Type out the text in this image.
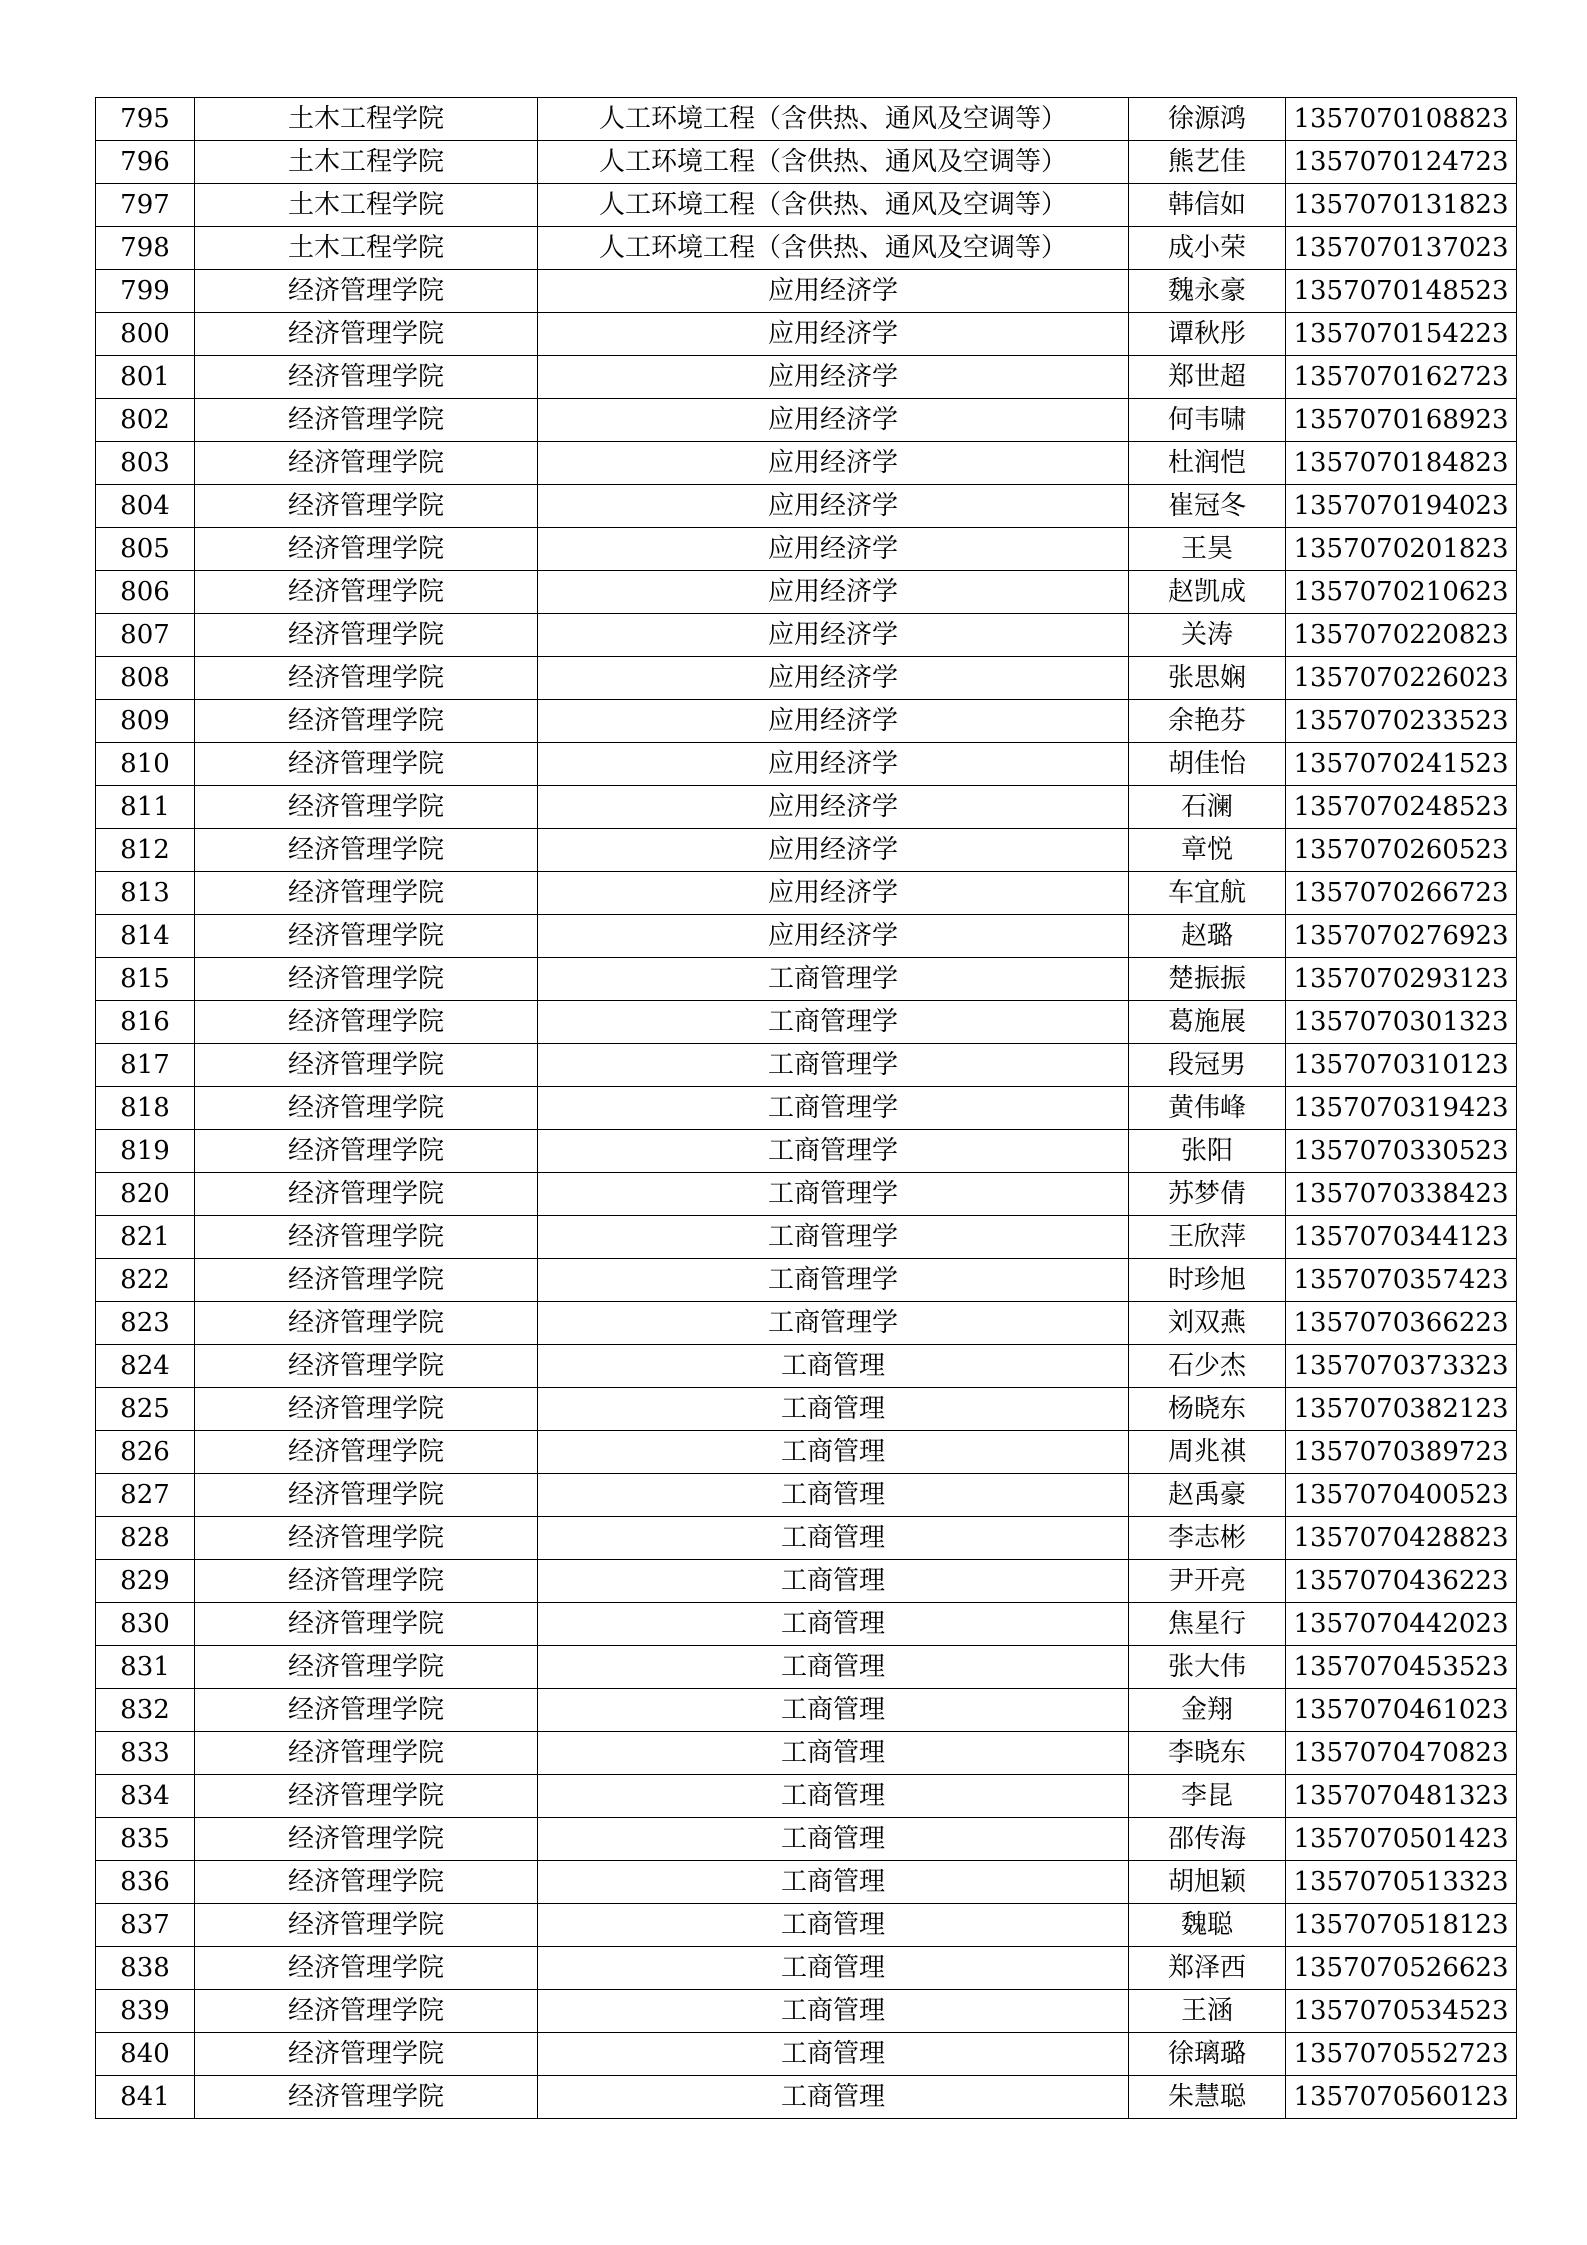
795	土木工程学院	人工环境工程（含供热、通风及空调等）	徐源鸿	1357070108823
796	土木工程学院	人工环境工程（含供热、通风及空调等）	熊艺佳	1357070124723
797	土木工程学院	人工环境工程（含供热、通风及空调等）	韩信如	1357070131823
798	土木工程学院	人工环境工程（含供热、通风及空调等）	成小荣	1357070137023
799	经济管理学院	应用经济学	魏永豪	1357070148523
800	经济管理学院	应用经济学	谭秋彤	1357070154223
801	经济管理学院	应用经济学	郑世超	1357070162723
802	经济管理学院	应用经济学	何韦啸	1357070168923
803	经济管理学院	应用经济学	杜润恺	1357070184823
804	经济管理学院	应用经济学	崔冠冬	1357070194023
805	经济管理学院	应用经济学	王昊	1357070201823
806	经济管理学院	应用经济学	赵凯成	1357070210623
807	经济管理学院	应用经济学	关涛	1357070220823
808	经济管理学院	应用经济学	张思娴	1357070226023
809	经济管理学院	应用经济学	余艳芬	1357070233523
810	经济管理学院	应用经济学	胡佳怡	1357070241523
811	经济管理学院	应用经济学	石澜	1357070248523
812	经济管理学院	应用经济学	章悦	1357070260523
813	经济管理学院	应用经济学	车宜航	1357070266723
814	经济管理学院	应用经济学	赵璐	1357070276923
815	经济管理学院	工商管理学	楚振振	1357070293123
816	经济管理学院	工商管理学	葛施展	1357070301323
817	经济管理学院	工商管理学	段冠男	1357070310123
818	经济管理学院	工商管理学	黄伟峰	1357070319423
819	经济管理学院	工商管理学	张阳	1357070330523
820	经济管理学院	工商管理学	苏梦倩	1357070338423
821	经济管理学院	工商管理学	王欣萍	1357070344123
822	经济管理学院	工商管理学	时珍旭	1357070357423
823	经济管理学院	工商管理学	刘双燕	1357070366223
824	经济管理学院	工商管理	石少杰	1357070373323
825	经济管理学院	工商管理	杨晓东	1357070382123
826	经济管理学院	工商管理	周兆祺	1357070389723
827	经济管理学院	工商管理	赵禹豪	1357070400523
828	经济管理学院	工商管理	李志彬	1357070428823
829	经济管理学院	工商管理	尹开亮	1357070436223
830	经济管理学院	工商管理	焦星行	1357070442023
831	经济管理学院	工商管理	张大伟	1357070453523
832	经济管理学院	工商管理	金翔	1357070461023
833	经济管理学院	工商管理	李晓东	1357070470823
834	经济管理学院	工商管理	李昆	1357070481323
835	经济管理学院	工商管理	邵传海	1357070501423
836	经济管理学院	工商管理	胡旭颖	1357070513323
837	经济管理学院	工商管理	魏聪	1357070518123
838	经济管理学院	工商管理	郑泽西	1357070526623
839	经济管理学院	工商管理	王涵	1357070534523
840	经济管理学院	工商管理	徐璃璐	1357070552723
841	经济管理学院	工商管理	朱慧聪	1357070560123
